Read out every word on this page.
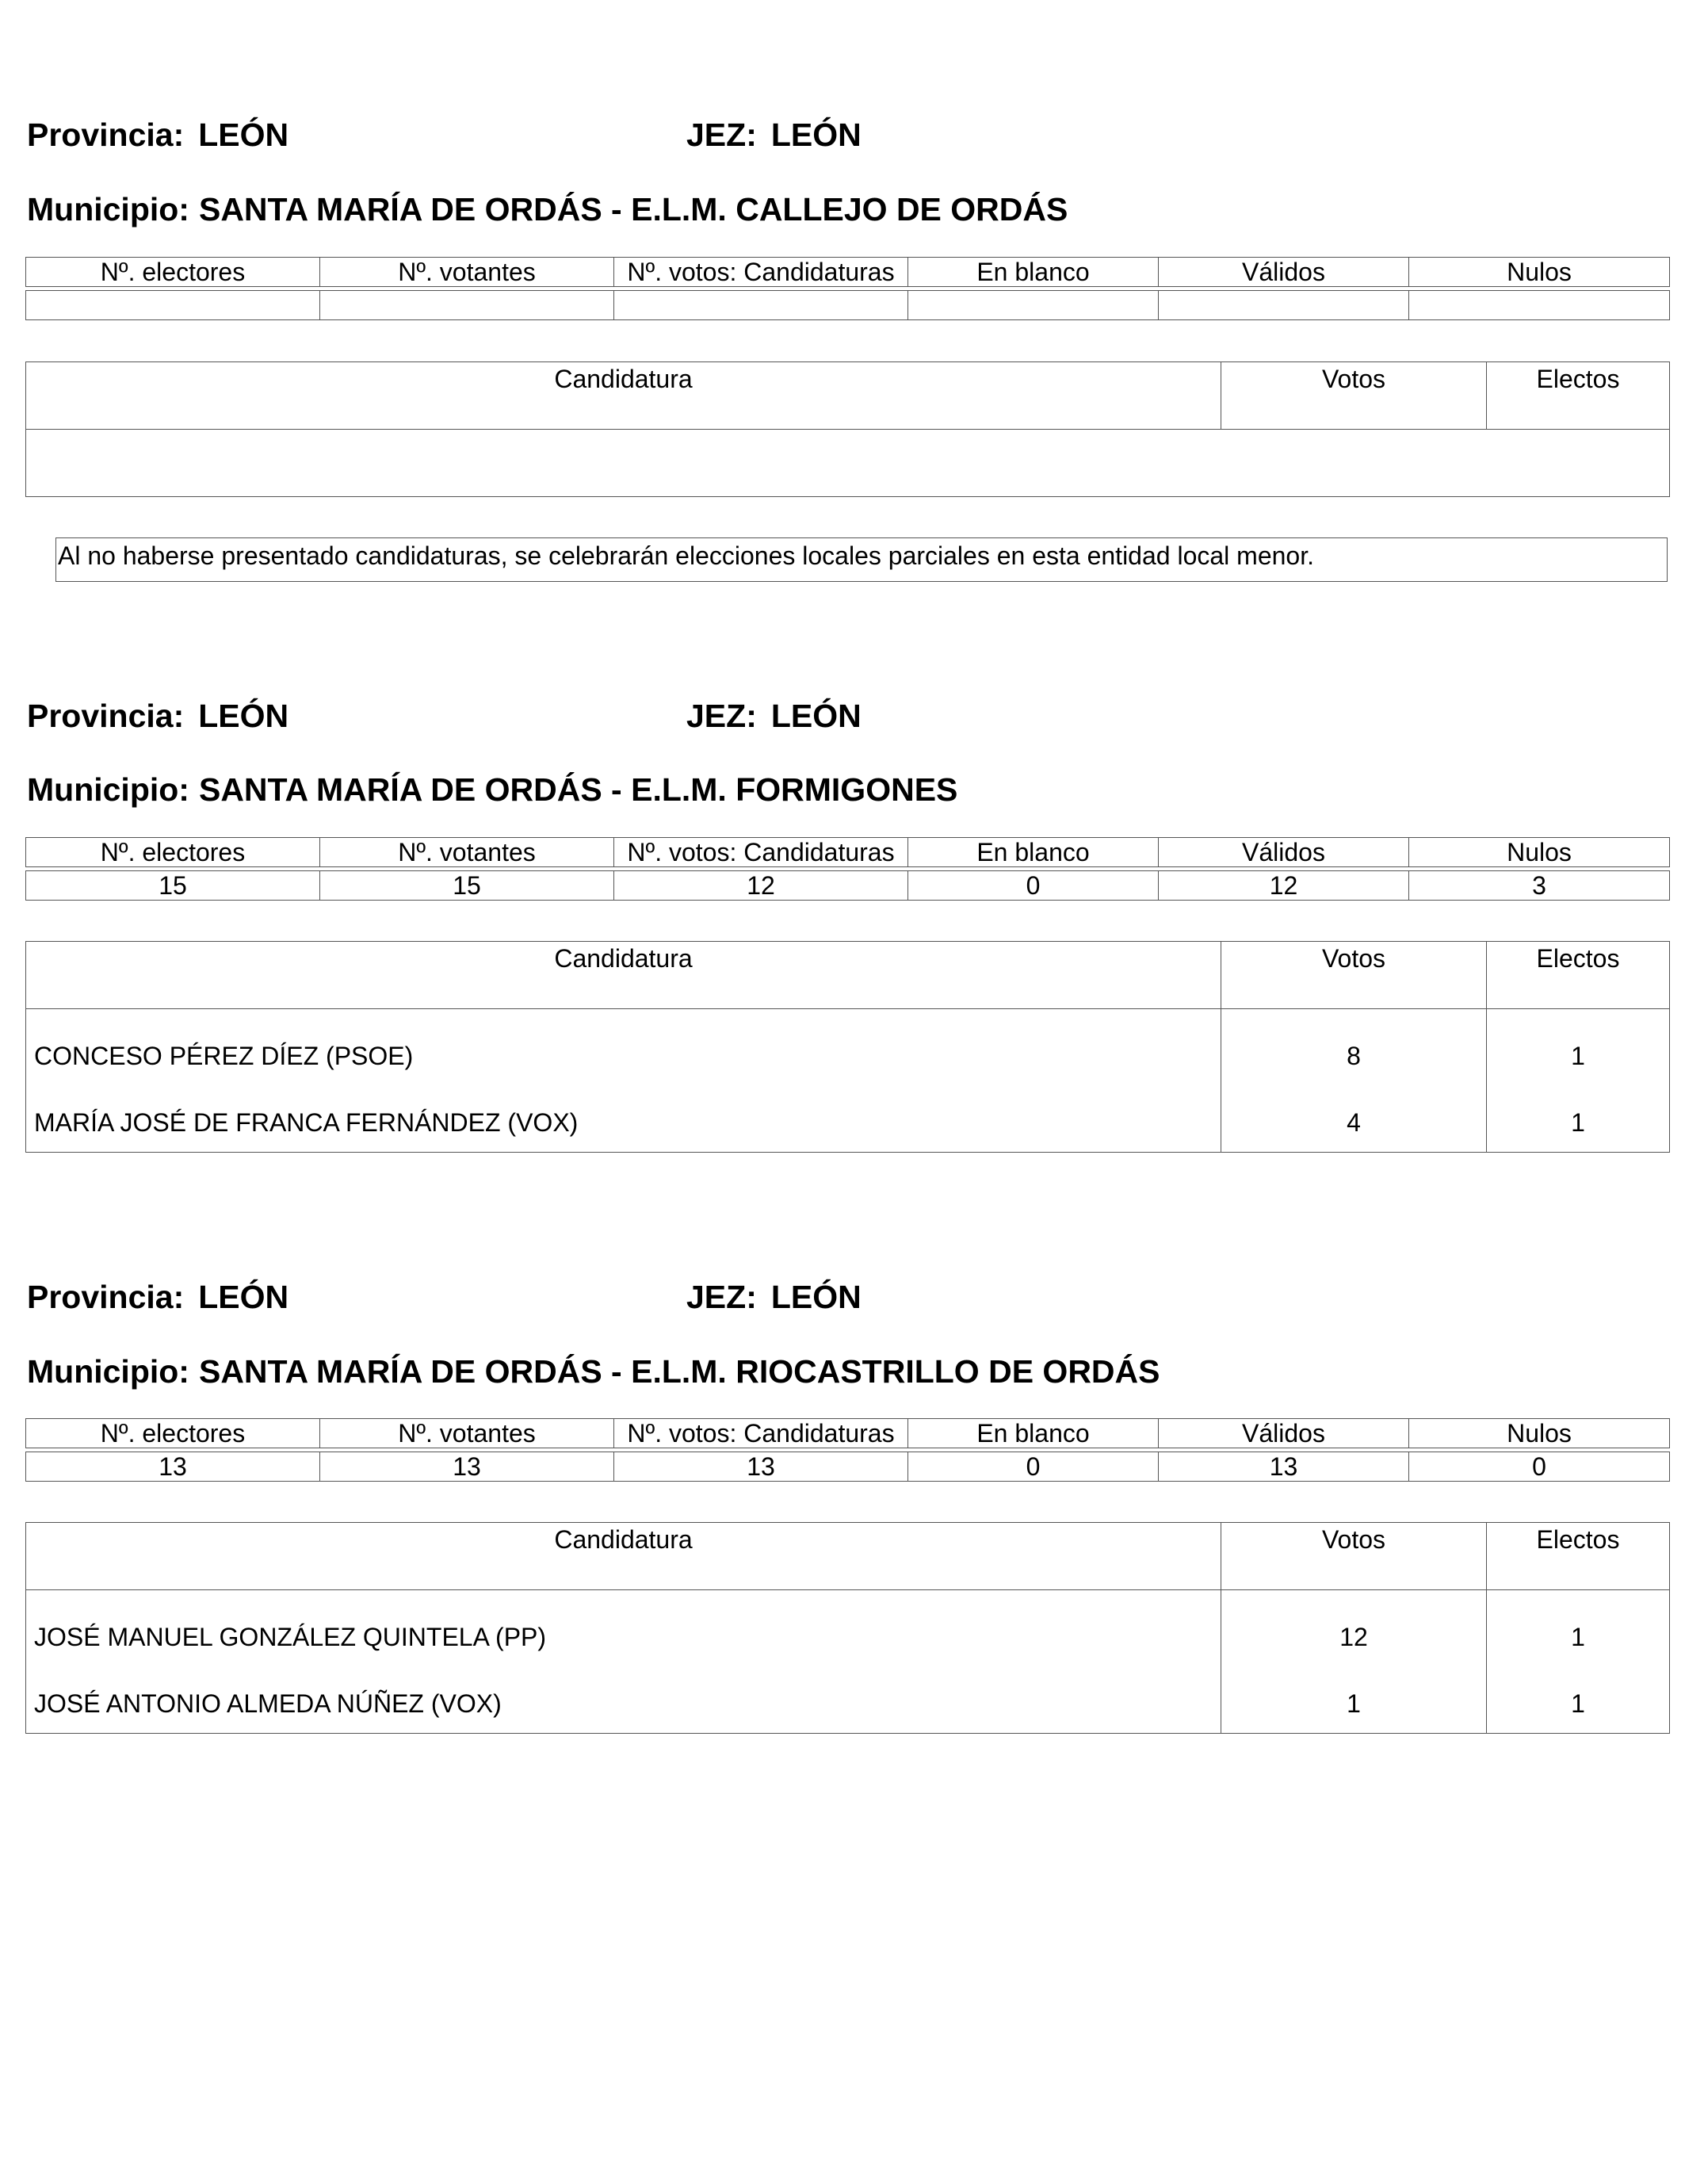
Provincia: LEÓN	JEZ: LEÓN
Municipio: SANTA MARÍA DE ORDÁS - E.L.M. CALLEJO DE ORDÁS
Nº. electores	Nº. votantes	Nº. votos: Candidaturas	En blanco	Válidos	Nulos

Candidatura	Votos	Electos

Al no haberse presentado candidaturas, se celebrarán elecciones locales parciales en esta entidad local menor.
Provincia: LEÓN	JEZ: LEÓN
Municipio: SANTA MARÍA DE ORDÁS - E.L.M. FORMIGONES
Nº. electores	Nº. votantes	Nº. votos: Candidaturas	En blanco	Válidos	Nulos

15	15	12	0	12	3
Candidatura	Votos	Electos
CONCESO PÉREZ DÍEZ (PSOE)	8	1
MARÍA JOSÉ DE FRANCA FERNÁNDEZ (VOX)	4	1
Provincia: LEÓN	JEZ: LEÓN
Municipio: SANTA MARÍA DE ORDÁS - E.L.M. RIOCASTRILLO DE ORDÁS
Nº. electores	Nº. votantes	Nº. votos: Candidaturas	En blanco	Válidos	Nulos

13	13	13	0	13	0
Candidatura	Votos	Electos
JOSÉ MANUEL GONZÁLEZ QUINTELA (PP)	12	1
JOSÉ ANTONIO ALMEDA NÚÑEZ (VOX)	1	1
